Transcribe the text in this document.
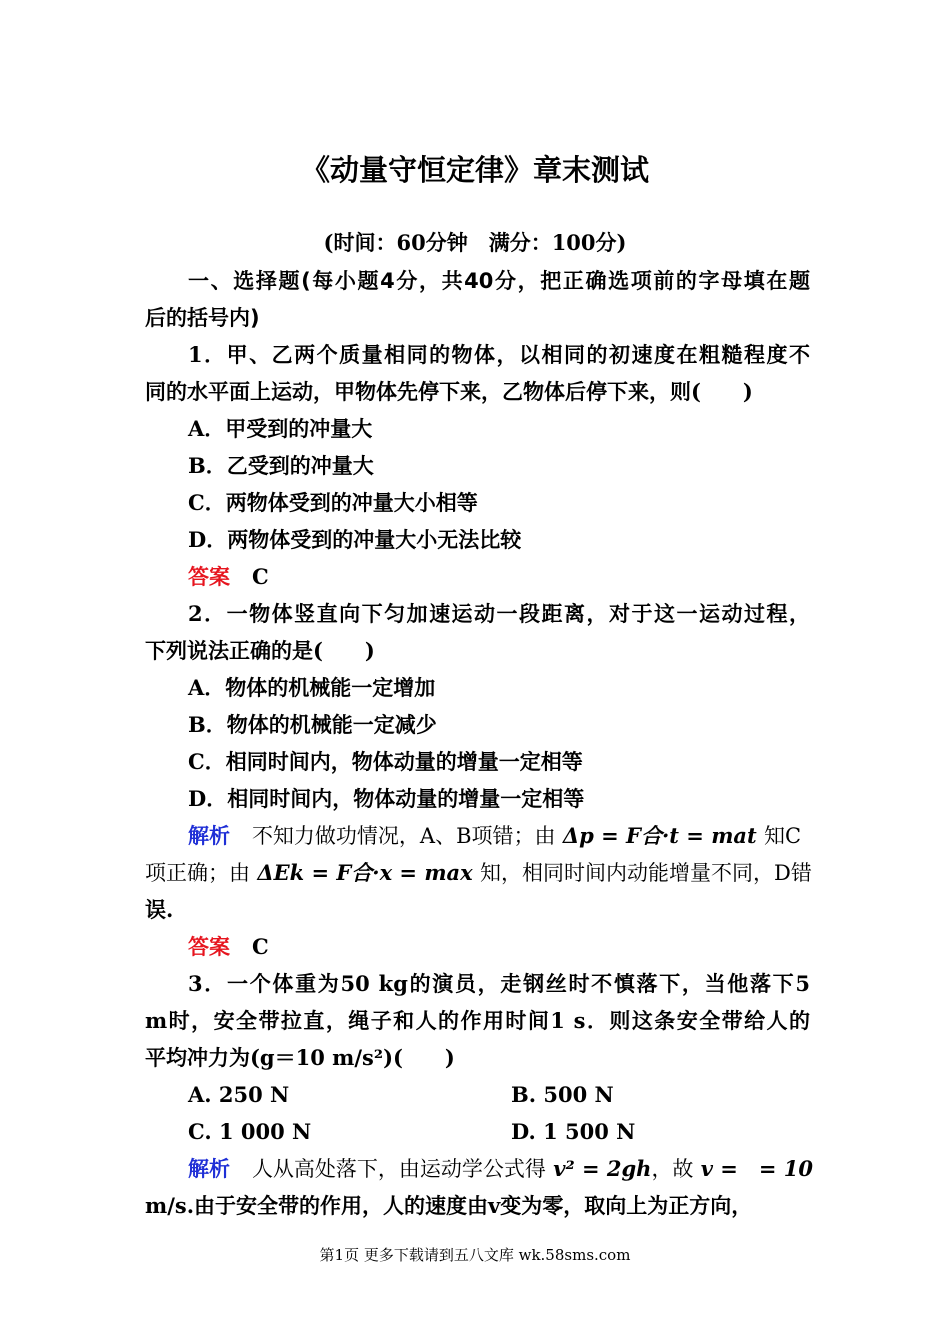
《动量守恒定律》章末测试
(时间：60分钟　满分：100分)
一、选择题(每小题4分，共40分，把正确选项前的字母填在题
后的括号内)
1．甲、乙两个质量相同的物体，以相同的初速度在粗糙程度不
同的水平面上运动，甲物体先停下来，乙物体后停下来，则(　　)
A．甲受到的冲量大
B．乙受到的冲量大
C．两物体受到的冲量大小相等
D．两物体受到的冲量大小无法比较
答案 C
2．一物体竖直向下匀加速运动一段距离，对于这一运动过程，
下列说法正确的是(　　)
A．物体的机械能一定增加
B．物体的机械能一定减少
C．相同时间内，物体动量的增量一定相等
D．相同时间内，物体动量的增量一定相等
解析 不知力做功情况，A、B项错；由 Δp = F合·t = mat 知C
项正确；由 ΔEk = F合·x = max 知，相同时间内动能增量不同，D错
误.
答案 C
3．一个体重为50 kg的演员，走钢丝时不慎落下，当他落下5
m时，安全带拉直，绳子和人的作用时间1 s．则这条安全带给人的
平均冲力为(g＝10 m/s²)(　　)
A. 250 N	B. 500 N
C. 1 000 N	D. 1 500 N
解析 人从高处落下，由运动学公式得 v² = 2gh，故 v =　= 10
m/s.由于安全带的作用，人的速度由v变为零，取向上为正方向，
第1页 更多下载请到五八文库 wk.58sms.com
